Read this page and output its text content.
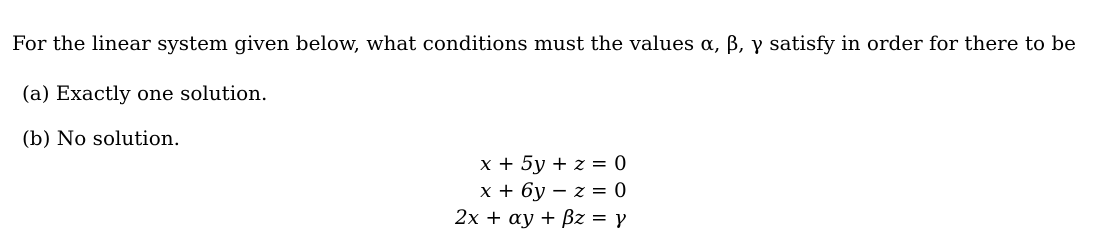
For the linear system given below, what conditions must the values α, β, γ satisfy in order for there to be
(a) Exactly one solution.
(b) No solution.
x + 5y + z	= 0
x + 6y − z	= 0
2x + αy + βz	= γ
